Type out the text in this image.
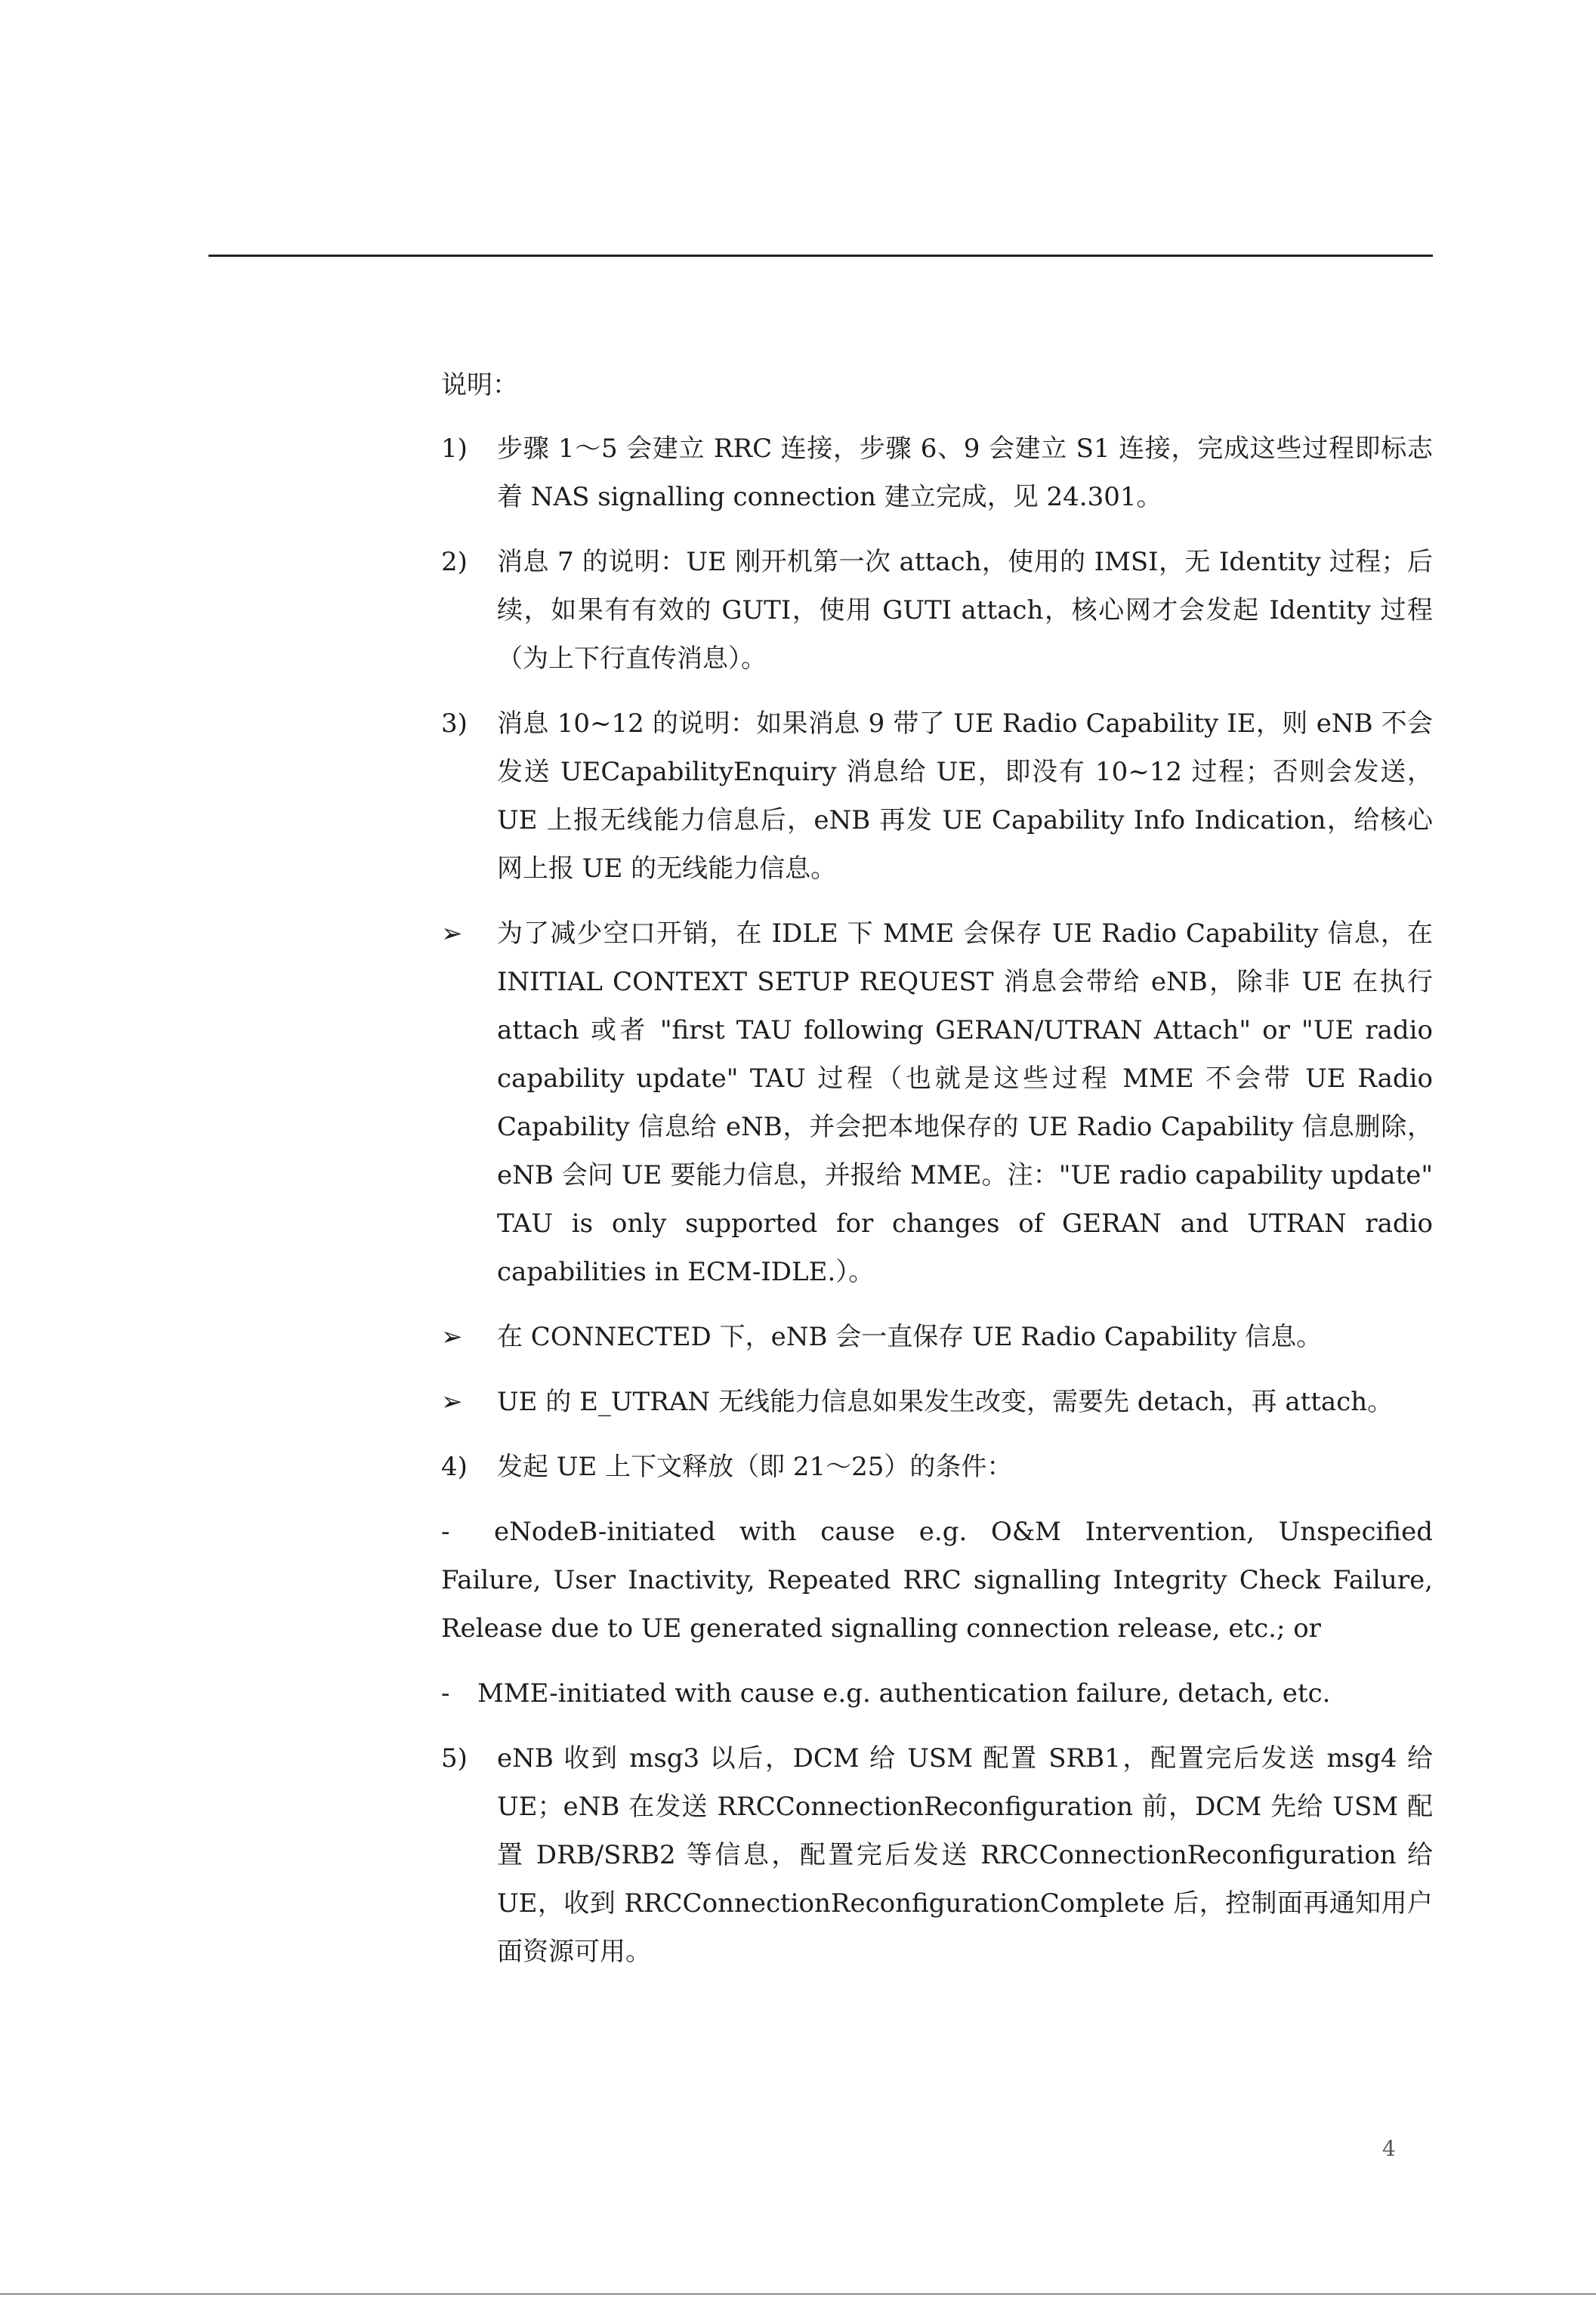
说明：

1)	步骤 1～5 会建立 RRC 连接，步骤 6、9 会建立 S1 连接，完成这些过程即标志着 NAS signalling connection 建立完成，见 24.301。
2)	消息 7 的说明：UE 刚开机第一次 attach，使用的 IMSI，无 Identity 过程；后续，如果有有效的 GUTI，使用 GUTI attach，核心网才会发起 Identity 过程（为上下行直传消息）。
3)	消息 10~12 的说明：如果消息 9 带了 UE Radio Capability IE，则 eNB 不会发送 UECapabilityEnquiry 消息给 UE，即没有 10~12 过程；否则会发送，UE 上报无线能力信息后，eNB 再发 UE Capability Info Indication，给核心网上报 UE 的无线能力信息。
➢	为了减少空口开销，在 IDLE 下 MME 会保存 UE Radio Capability 信息，在 INITIAL CONTEXT SETUP REQUEST 消息会带给 eNB，除非 UE 在执行 attach 或者 "first TAU following GERAN/UTRAN Attach" or "UE radio capability update" TAU 过程（也就是这些过程 MME 不会带 UE Radio Capability 信息给 eNB，并会把本地保存的 UE Radio Capability 信息删除，eNB 会问 UE 要能力信息，并报给 MME。注："UE radio capability update" TAU is only supported for changes of GERAN and UTRAN radio capabilities in ECM-IDLE.）。
➢	在 CONNECTED 下，eNB 会一直保存 UE Radio Capability 信息。
➢	UE 的 E_UTRAN 无线能力信息如果发生改变，需要先 detach，再 attach。
4)	发起 UE 上下文释放（即 21～25）的条件：

- eNodeB-initiated with cause e.g. O&M Intervention, Unspecified Failure, User Inactivity, Repeated RRC signalling Integrity Check Failure, Release due to UE generated signalling connection release, etc.; or

- MME-initiated with cause e.g. authentication failure, detach, etc.

5)	eNB 收到 msg3 以后，DCM 给 USM 配置 SRB1，配置完后发送 msg4 给 UE；eNB 在发送 RRCConnectionReconfiguration 前，DCM 先给 USM 配置 DRB/SRB2 等信息，配置完后发送 RRCConnectionReconfiguration 给 UE，收到 RRCConnectionReconfigurationComplete 后，控制面再通知用户面资源可用。
4
